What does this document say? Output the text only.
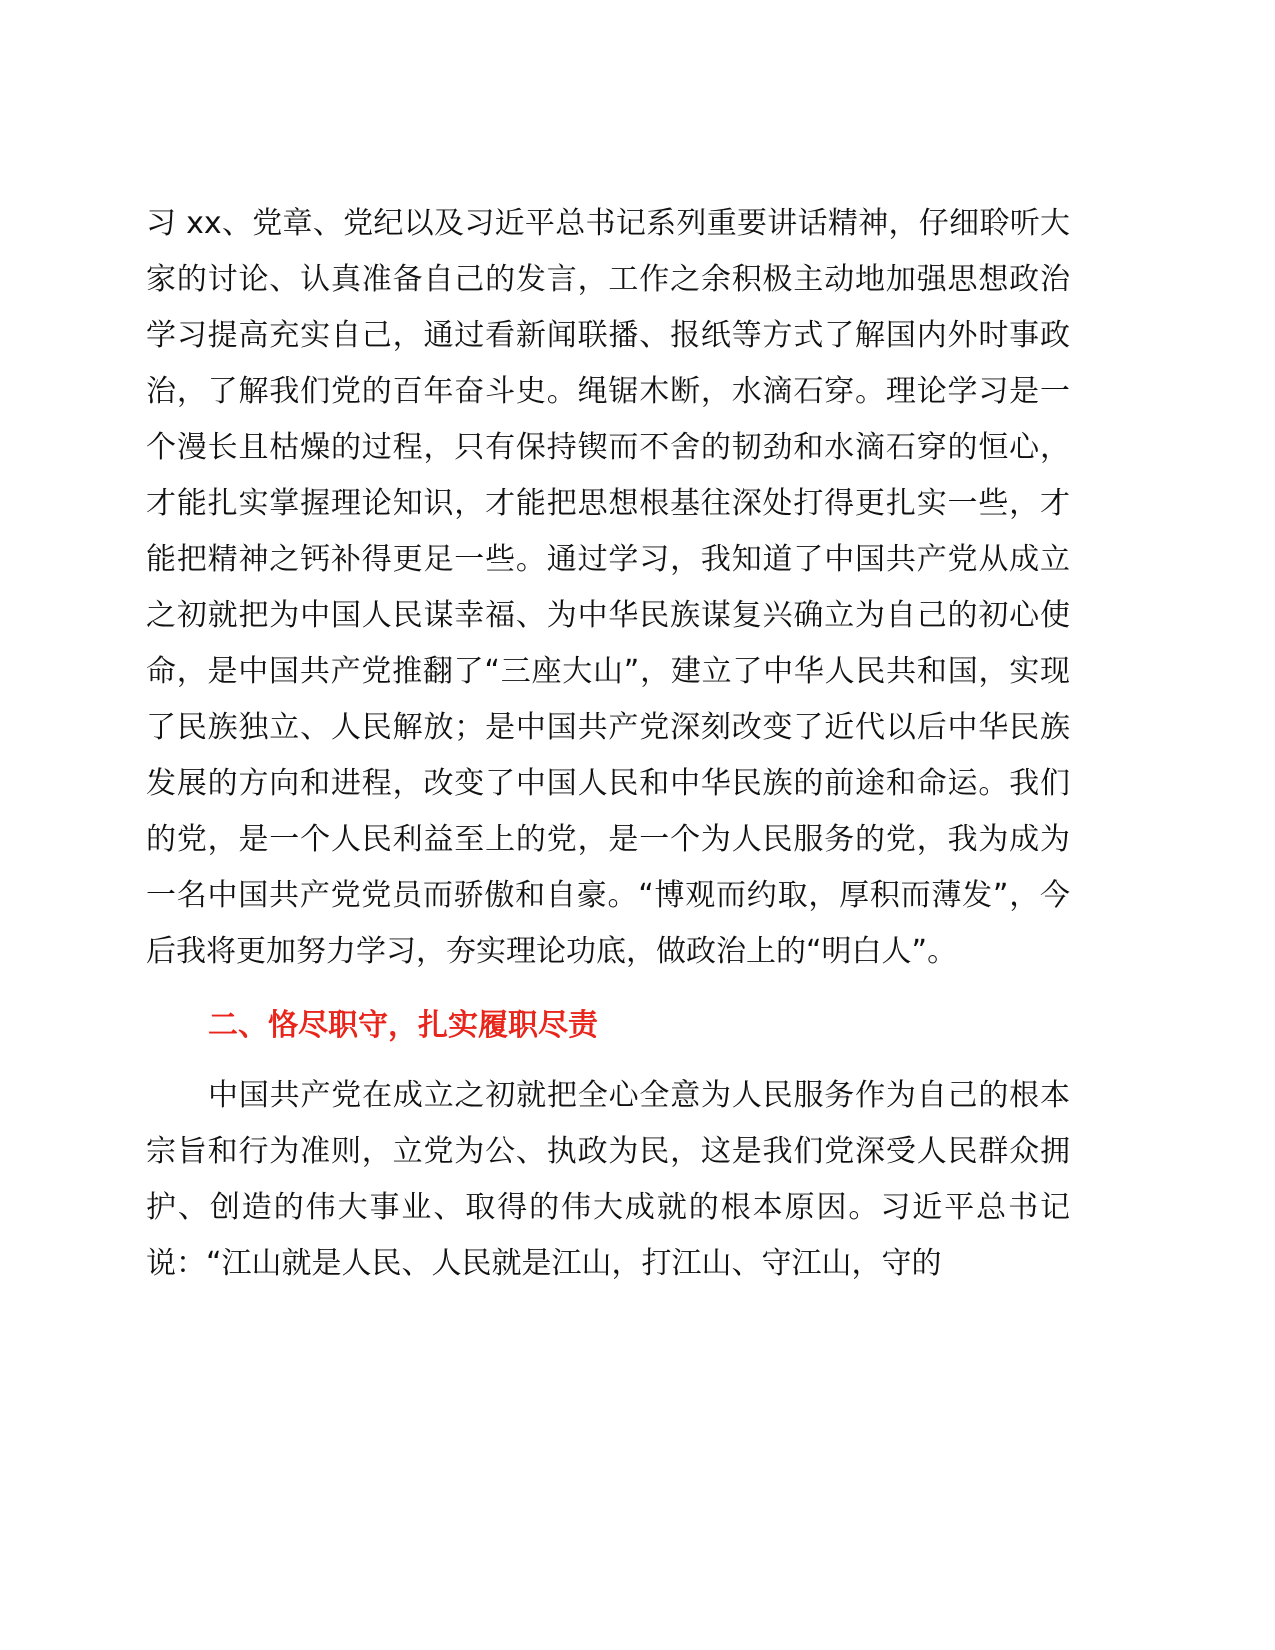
习 xx、党章、党纪以及习近平总书记系列重要讲话精神，仔细聆听大家的讨论、认真准备自己的发言，工作之余积极主动地加强思想政治学习提高充实自己，通过看新闻联播、报纸等方式了解国内外时事政治，了解我们党的百年奋斗史。绳锯木断，水滴石穿。理论学习是一个漫长且枯燥的过程，只有保持锲而不舍的韧劲和水滴石穿的恒心，才能扎实掌握理论知识，才能把思想根基往深处打得更扎实一些，才能把精神之钙补得更足一些。通过学习，我知道了中国共产党从成立之初就把为中国人民谋幸福、为中华民族谋复兴确立为自己的初心使命，是中国共产党推翻了“三座大山”，建立了中华人民共和国，实现了民族独立、人民解放；是中国共产党深刻改变了近代以后中华民族发展的方向和进程，改变了中国人民和中华民族的前途和命运。我们的党，是一个人民利益至上的党，是一个为人民服务的党，我为成为一名中国共产党党员而骄傲和自豪。“博观而约取，厚积而薄发”，今后我将更加努力学习，夯实理论功底，做政治上的“明白人”。

二、恪尽职守，扎实履职尽责

中国共产党在成立之初就把全心全意为人民服务作为自己的根本宗旨和行为准则，立党为公、执政为民，这是我们党深受人民群众拥护、创造的伟大事业、取得的伟大成就的根本原因。习近平总书记说：“江山就是人民、人民就是江山，打江山、守江山，守的
